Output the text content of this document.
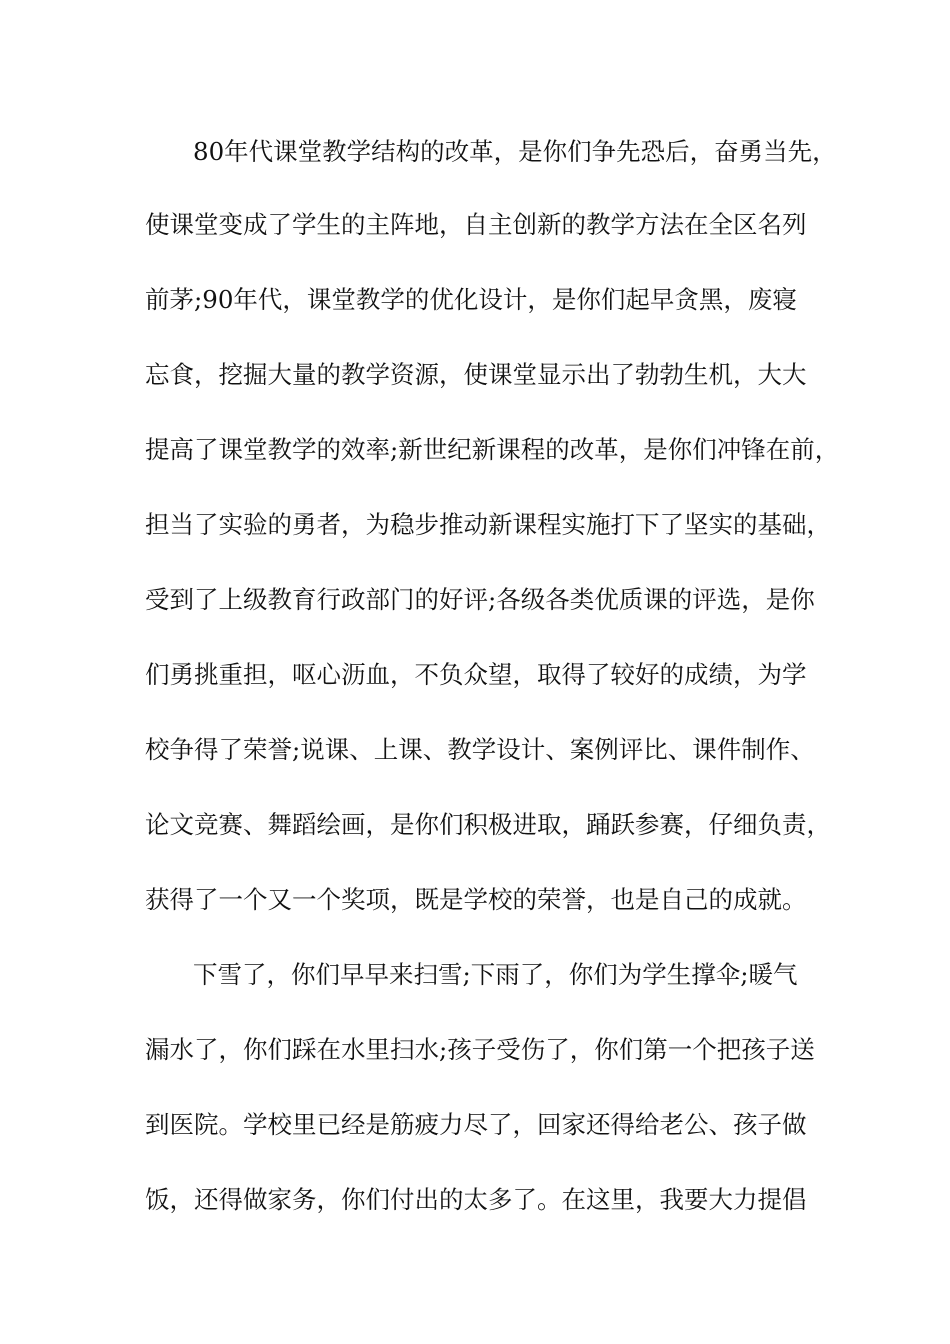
80年代课堂教学结构的改革，是你们争先恐后，奋勇当先，
使课堂变成了学生的主阵地，自主创新的教学方法在全区名列
前茅;90年代，课堂教学的优化设计，是你们起早贪黑，废寝
忘食，挖掘大量的教学资源，使课堂显示出了勃勃生机，大大
提高了课堂教学的效率;新世纪新课程的改革，是你们冲锋在前，
担当了实验的勇者，为稳步推动新课程实施打下了坚实的基础，
受到了上级教育行政部门的好评;各级各类优质课的评选，是你
们勇挑重担，呕心沥血，不负众望，取得了较好的成绩，为学
校争得了荣誉;说课、上课、教学设计、案例评比、课件制作、
论文竞赛、舞蹈绘画，是你们积极进取，踊跃参赛，仔细负责，
获得了一个又一个奖项，既是学校的荣誉，也是自己的成就。
下雪了，你们早早来扫雪;下雨了，你们为学生撑伞;暖气
漏水了，你们踩在水里扫水;孩子受伤了，你们第一个把孩子送
到医院。学校里已经是筋疲力尽了，回家还得给老公、孩子做
饭，还得做家务，你们付出的太多了。在这里，我要大力提倡
